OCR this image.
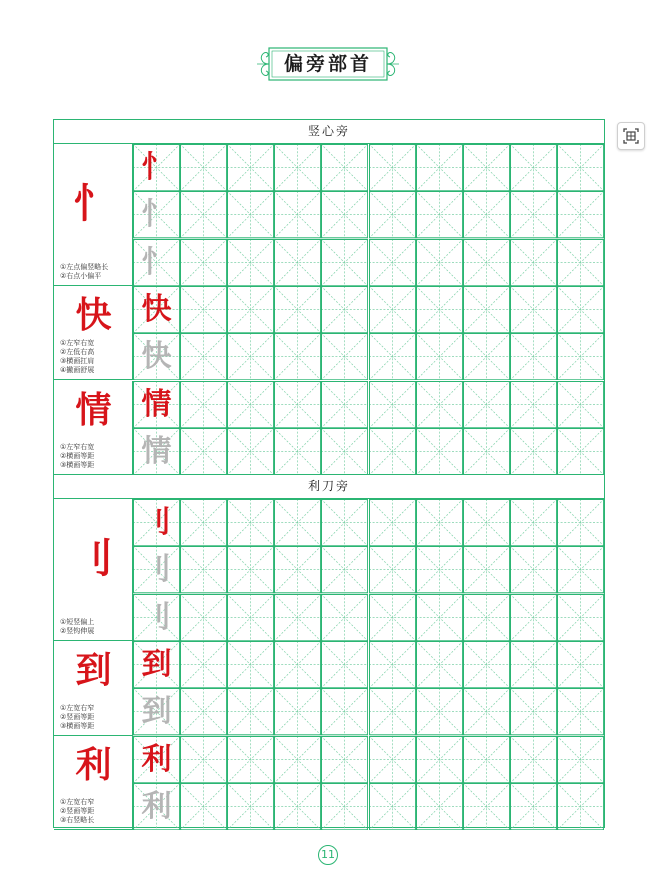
偏旁部首
竖心旁
忄
①左点偏竖略长
②右点小偏平
忄
忄
忄
快
①左窄右宽
②左低右高
③横画扛肩
④撇画舒展
快
快
情
①左窄右宽
②横画等距
③横画等距
情
情
利刀旁
刂
①短竖偏上
②竖钩伸展
刂
刂
刂
到
①左宽右窄
②竖画等距
③横画等距
到
到
利
①左宽右窄
②竖画等距
③右竖略长
利
利
11
